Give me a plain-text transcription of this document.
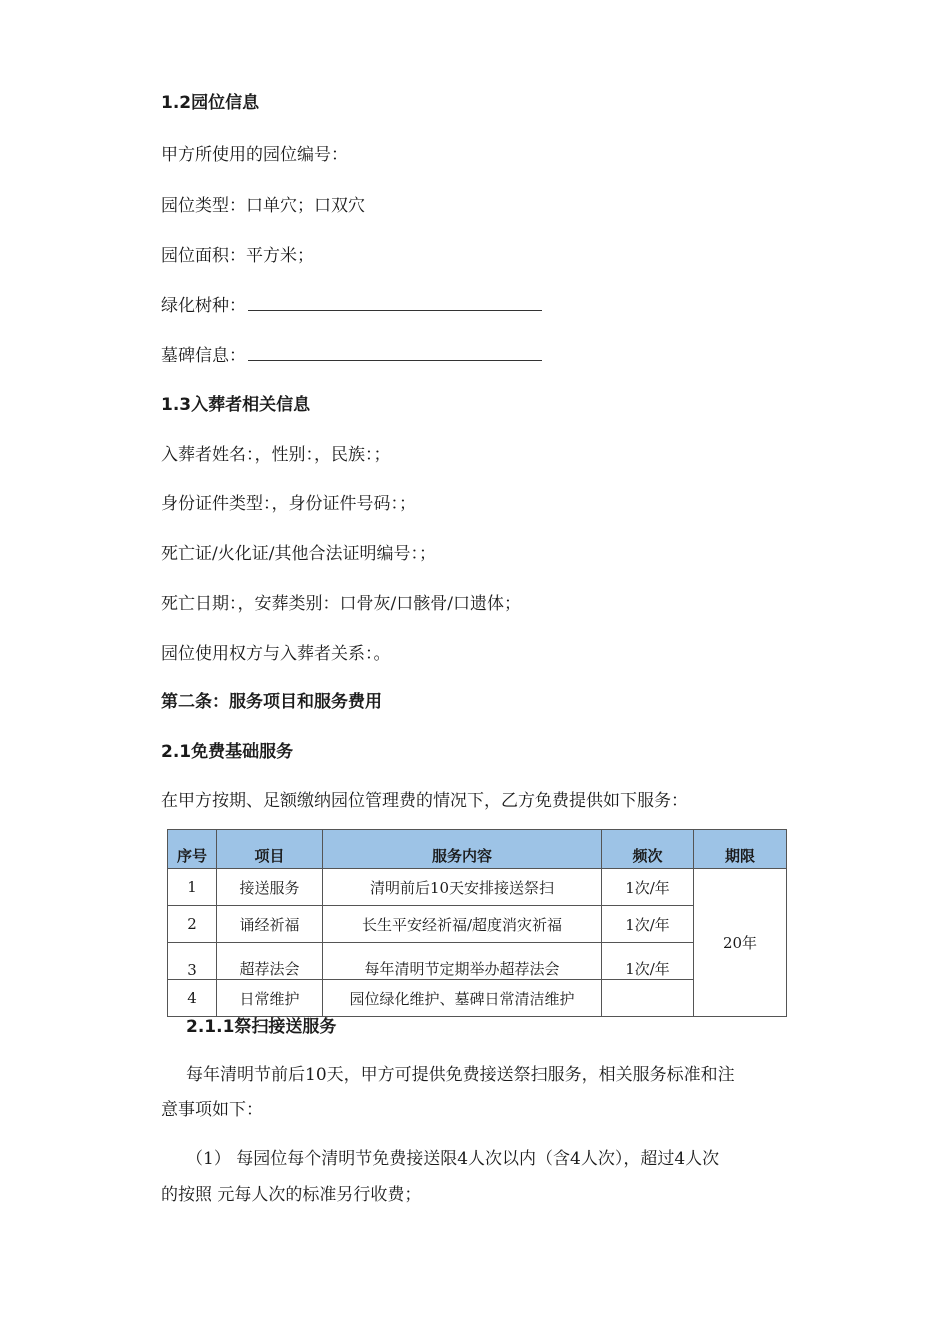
1.2园位信息
甲方所使用的园位编号：
园位类型：口单穴；口双穴
园位面积：平方米；
绿化树种：
墓碑信息：
1.3入葬者相关信息
入葬者姓名：，性别：，民族：；
身份证件类型：，身份证件号码：；
死亡证/火化证/其他合法证明编号：；
死亡日期：，安葬类别：口骨灰/口骸骨/口遗体；
园位使用权方与入葬者关系：。
第二条：服务项目和服务费用
2.1免费基础服务
在甲方按期、足额缴纳园位管理费的情况下，乙方免费提供如下服务：
序号	项目	服务内容	频次	期限
1	接送服务	清明前后10天安排接送祭扫	1次/年	20年
2	诵经祈福	长生平安经祈福/超度消灾祈福	1次/年	
3	超荐法会	每年清明节定期举办超荐法会	1次/年	
4	日常维护	园位绿化维护、墓碑日常清洁维护		
2.1.1祭扫接送服务
每年清明节前后10天，甲方可提供免费接送祭扫服务，相关服务标准和注
意事项如下：
（1） 每园位每个清明节免费接送限4人次以内（含4人次），超过4人次
的按照 元每人次的标准另行收费；
